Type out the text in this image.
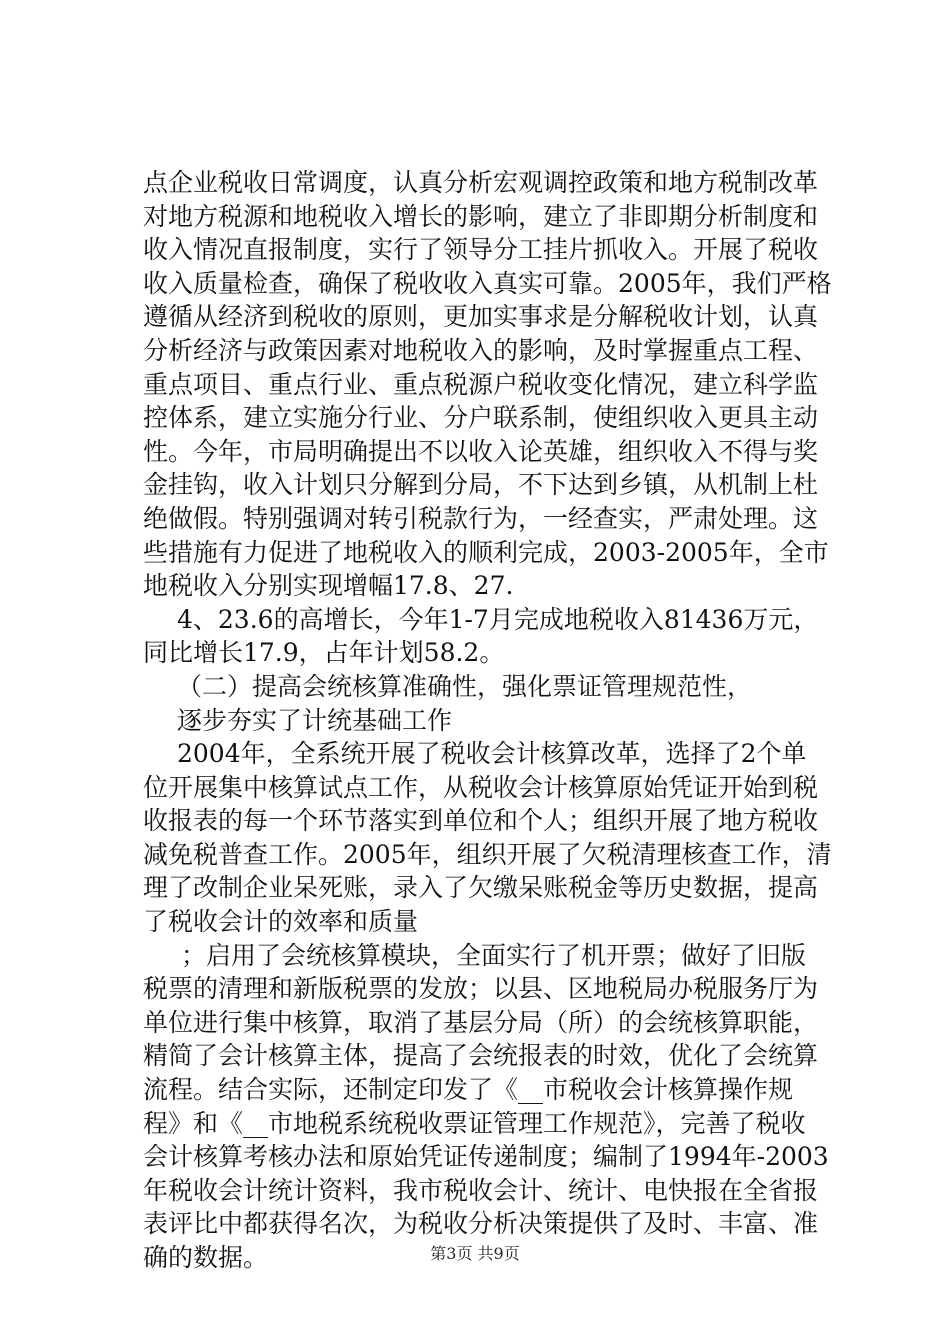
点企业税收日常调度，认真分析宏观调控政策和地方税制改革
对地方税源和地税收入增长的影响，建立了非即期分析制度和
收入情况直报制度，实行了领导分工挂片抓收入。开展了税收
收入质量检查，确保了税收收入真实可靠。2005年，我们严格
遵循从经济到税收的原则，更加实事求是分解税收计划，认真
分析经济与政策因素对地税收入的影响，及时掌握重点工程、
重点项目、重点行业、重点税源户税收变化情况，建立科学监
控体系，建立实施分行业、分户联系制，使组织收入更具主动
性。今年，市局明确提出不以收入论英雄，组织收入不得与奖
金挂钩，收入计划只分解到分局，不下达到乡镇，从机制上杜
绝做假。特别强调对转引税款行为，一经查实，严肃处理。这
些措施有力促进了地税收入的顺利完成，2003-2005年，全市
地税收入分别实现增幅17.8、27.
4、23.6的高增长，今年1-7月完成地税收入81436万元，
同比增长17.9，占年计划58.2。
（二）提高会统核算准确性，强化票证管理规范性，
逐步夯实了计统基础工作
2004年，全系统开展了税收会计核算改革，选择了2个单
位开展集中核算试点工作，从税收会计核算原始凭证开始到税
收报表的每一个环节落实到单位和个人；组织开展了地方税收
减免税普查工作。2005年，组织开展了欠税清理核查工作，清
理了改制企业呆死账，录入了欠缴呆账税金等历史数据，提高
了税收会计的效率和质量
；启用了会统核算模块，全面实行了机开票；做好了旧版
税票的清理和新版税票的发放；以县、区地税局办税服务厅为
单位进行集中核算，取消了基层分局（所）的会统核算职能，
精简了会计核算主体，提高了会统报表的时效，优化了会统算
流程。结合实际，还制定印发了《__市税收会计核算操作规
程》和《__市地税系统税收票证管理工作规范》，完善了税收
会计核算考核办法和原始凭证传递制度；编制了1994年-2003
年税收会计统计资料，我市税收会计、统计、电快报在全省报
表评比中都获得名次，为税收分析决策提供了及时、丰富、准
确的数据。	第3页 共9页
